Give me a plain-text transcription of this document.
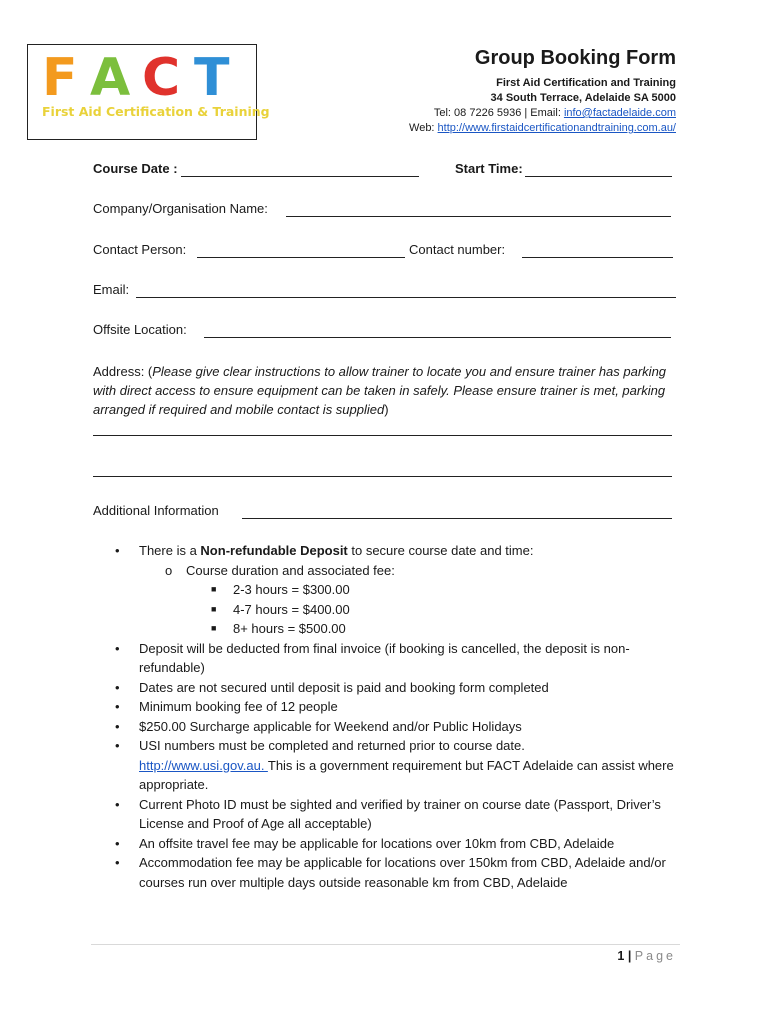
F A C T
First Aid Certification & Training
Group Booking Form
First Aid Certification and Training
34 South Terrace, Adelaide SA 5000
Tel: 08 7226 5936 | Email: info@factadelaide.com
Web: http://www.firstaidcertificationandtraining.com.au/
Course Date :	Start Time:
Company/Organisation Name:
Contact Person:	Contact number:
Email:
Offsite Location:
Address: (Please give clear instructions to allow trainer to locate you and ensure trainer has parking with direct access to ensure equipment can be taken in safely. Please ensure trainer is met, parking arranged if required and mobile contact is supplied)
Additional Information
• There is a Non-refundable Deposit to secure course date and time:
o Course duration and associated fee:
■ 2-3 hours = $300.00
■ 4-7 hours = $400.00
■ 8+ hours = $500.00
• Deposit will be deducted from final invoice (if booking is cancelled, the deposit is non-refundable)
• Dates are not secured until deposit is paid and booking form completed
• Minimum booking fee of 12 people
• $250.00 Surcharge applicable for Weekend and/or Public Holidays
• USI numbers must be completed and returned prior to course date.
http://www.usi.gov.au. This is a government requirement but FACT Adelaide can assist where appropriate.
• Current Photo ID must be sighted and verified by trainer on course date (Passport, Driver’s License and Proof of Age all acceptable)
• An offsite travel fee may be applicable for locations over 10km from CBD, Adelaide
• Accommodation fee may be applicable for locations over 150km from CBD, Adelaide and/or courses run over multiple days outside reasonable km from CBD, Adelaide
1 | Page
